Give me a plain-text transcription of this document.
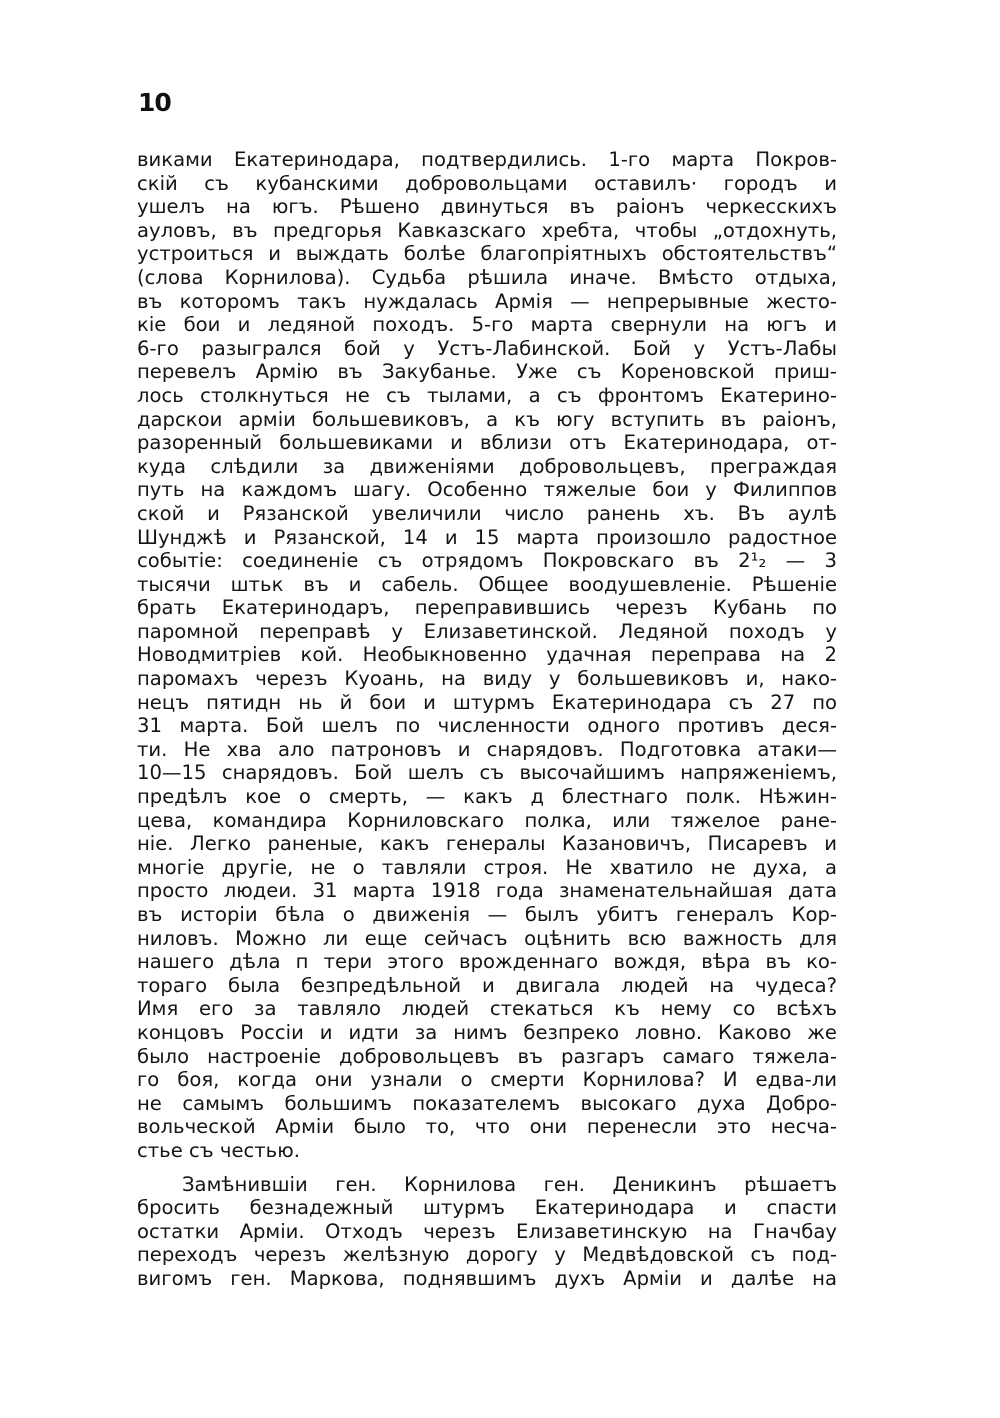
10
виками Екатеринодара, подтвердились. 1-го марта Покров-
скій съ кубанскими добровольцами оставилъ· городъ и
ушелъ на югъ. Рѣшено двинуться въ раіонъ черкесскихъ
ауловъ, въ предгорья Кавказскаго хребта, чтобы „отдохнуть,
устроиться и выждать болѣе благопріятныхъ обстоятельствъ“
(слова Корнилова). Судьба рѣшила иначе. Вмѣсто отдыха,
въ которомъ такъ нуждалась Армія — непрерывные жесто-
кіе бои и ледяной походъ. 5-го марта свернули на югъ и
6-го разыгрался бой у Устъ-Лабинской. Бой у Устъ-Лабы
перевелъ Армію въ Закубанье. Уже съ Кореновской приш-
лось столкнуться не съ тылами, а съ фронтомъ Екатерино-
дарскои арміи большевиковъ, а къ югу вступить въ раіонъ,
разоренный большевиками и вблизи отъ Екатеринодара, от-
куда слѣдили за движеніями добровольцевъ, преграждая
путь на каждомъ шагу. Особенно тяжелые бои у Филиппов
ской и Рязанской увеличили число ранень хъ. Въ аулѣ
Шунджѣ и Рязанской, 14 и 15 марта произошло радостное
событіе: соединеніе съ отрядомъ Покровскаго въ 2¹₂ — 3
тысячи штьк въ и сабель. Общее воодушевленіе. Рѣшеніе
брать Екатеринодаръ, переправившись черезъ Кубань по
паромной переправѣ у Елизаветинской. Ледяной походъ у
Новодмитріев кой. Необыкновенно удачная переправа на 2
паромахъ черезъ Куоань, на виду у большевиковъ и, нако-
нецъ пятидн нь й бои и штурмъ Екатеринодара съ 27 по
31 марта. Бой шелъ по численности одного противъ деся-
ти. Не хва ало патроновъ и снарядовъ. Подготовка атаки—
10—15 снарядовъ. Бой шелъ съ высочайшимъ напряженіемъ,
предѣлъ кое о смерть, — какъ д блестнаго полк. Нѣжин-
цева, командира Корниловскаго полка, или тяжелое ране-
ніе. Легко раненые, какъ генералы Казановичъ, Писаревъ и
многіе другіе, не о тавляли строя. Не хватило не духа, а
просто людеи. 31 марта 1918 года знаменательнайшая дата
въ исторіи бѣла о движенія — былъ убитъ генералъ Кор-
ниловъ. Можно ли еще сейчасъ оцѣнить всю важность для
нашего дѣла п тери этого врожденнаго вождя, вѣра въ ко-
тораго была безпредѣльной и двигала людей на чудеса?
Имя его за тавляло людей стекаться къ нему со всѣхъ
концовъ Россіи и идти за нимъ безпреко ловно. Каково же
было настроеніе добровольцевъ въ разгаръ самаго тяжела-
го боя, когда они узнали о смерти Корнилова? И едва-ли
не самымъ большимъ показателемъ высокаго духа Добро-
вольческой Арміи было то, что они перенесли это несча-
стье съ честью.
Замѣнившіи ген. Корнилова ген. Деникинъ рѣшаетъ
бросить безнадежный штурмъ Екатеринодара и спасти
остатки Арміи. Отходъ черезъ Елизаветинскую на Гначбау
переходъ черезъ желѣзную дорогу у Медвѣдовской съ под-
вигомъ ген. Маркова, поднявшимъ духъ Арміи и далѣе на
